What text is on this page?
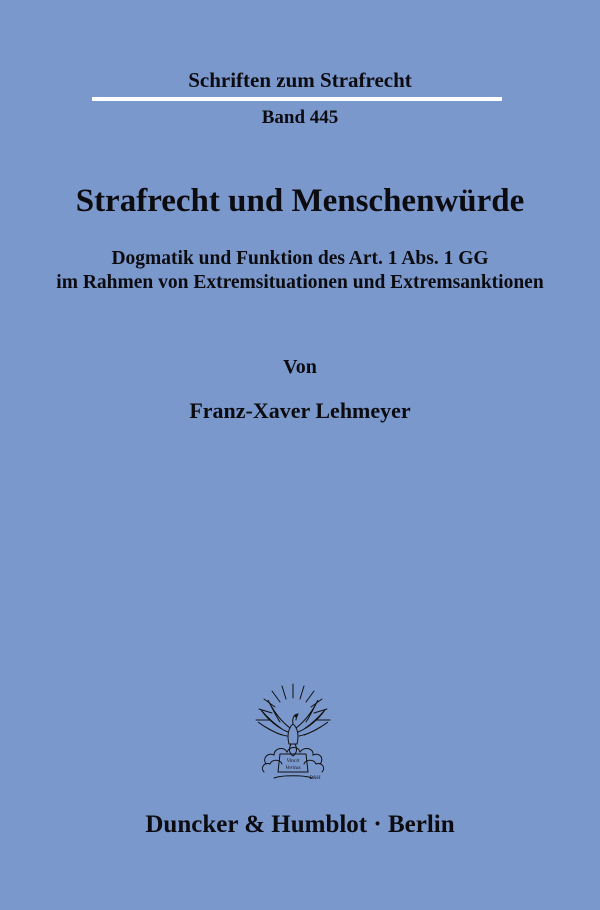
Schriften zum Strafrecht
Band 445
Strafrecht und Menschenwürde
Dogmatik und Funktion des Art. 1 Abs. 1 GG
im Rahmen von Extremsituationen und Extremsanktionen
Von
Franz-Xaver Lehmeyer
Vincit
Veritas
D&H
Duncker & Humblot · Berlin
